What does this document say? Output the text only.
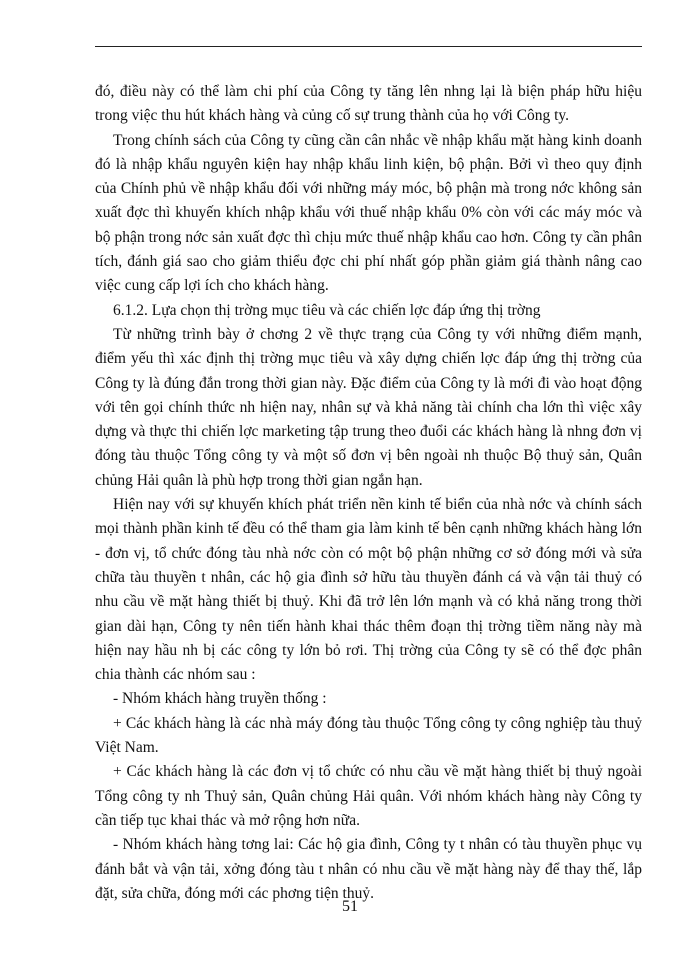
đó, điều này có thể làm chi phí của Công ty tăng lên nhng lại là biện pháp hữu hiệu trong việc thu hút khách hàng và củng cố sự trung thành của họ với Công ty.

Trong chính sách của Công ty cũng cần cân nhắc về nhập khẩu mặt hàng kinh doanh đó là nhập khẩu nguyên kiện hay nhập khẩu linh kiện, bộ phận. Bởi vì theo quy định của Chính phủ về nhập khẩu đối với những máy móc, bộ phận mà trong nớc không sản xuất đợc thì khuyến khích nhập khẩu với thuế nhập khẩu 0% còn với các máy móc và bộ phận trong nớc sản xuất đợc thì chịu mức thuế nhập khẩu cao hơn. Công ty cần phân tích, đánh giá sao cho giảm thiểu đợc chi phí nhất góp phần giảm giá thành nâng cao việc cung cấp lợi ích cho khách hàng.

6.1.2. Lựa chọn thị trờng mục tiêu và các chiến lợc đáp ứng thị trờng

Từ những trình bày ở chơng 2 về thực trạng của Công ty với những điểm mạnh, điểm yếu thì xác định thị trờng mục tiêu và xây dựng chiến lợc đáp ứng thị trờng của Công ty là đúng đắn trong thời gian này. Đặc điểm của Công ty là mới đi vào hoạt động với tên gọi chính thức nh hiện nay, nhân sự và khả năng tài chính cha lớn thì việc xây dựng và thực thi chiến lợc marketing tập trung theo đuổi các khách hàng là nhng đơn vị đóng tàu thuộc Tổng công ty và một số đơn vị bên ngoài nh thuộc Bộ thuỷ sản, Quân chủng Hải quân là phù hợp trong thời gian ngắn hạn.

Hiện nay với sự khuyến khích phát triển nền kinh tế biển của nhà nớc và chính sách mọi thành phần kinh tế đều có thể tham gia làm kinh tế bên cạnh những khách hàng lớn - đơn vị, tổ chức đóng tàu nhà nớc còn có một bộ phận những cơ sở đóng mới và sửa chữa tàu thuyền t nhân, các hộ gia đình sở hữu tàu thuyền đánh cá và vận tải thuỷ có nhu cầu về mặt hàng thiết bị thuỷ. Khi đã trở lên lớn mạnh và có khả năng trong thời gian dài hạn, Công ty nên tiến hành khai thác thêm đoạn thị trờng tiềm năng này mà hiện nay hầu nh bị các công ty lớn bỏ rơi. Thị trờng của Công ty sẽ có thể đợc phân chia thành các nhóm sau :

- Nhóm khách hàng truyền thống :

+ Các khách hàng là các nhà máy đóng tàu thuộc Tổng công ty công nghiệp tàu thuỷ Việt Nam.

+ Các khách hàng là các đơn vị tổ chức có nhu cầu về mặt hàng thiết bị thuỷ ngoài Tổng công ty nh Thuỷ sản, Quân chủng Hải quân. Với nhóm khách hàng này Công ty cần tiếp tục khai thác và mở rộng hơn nữa.

- Nhóm khách hàng tơng lai: Các hộ gia đình, Công ty t nhân có tàu thuyền phục vụ đánh bắt và vận tải, xởng đóng tàu t nhân có nhu cầu về mặt hàng này để thay thế, lắp đặt, sửa chữa, đóng mới các phơng tiện thuỷ.

51
